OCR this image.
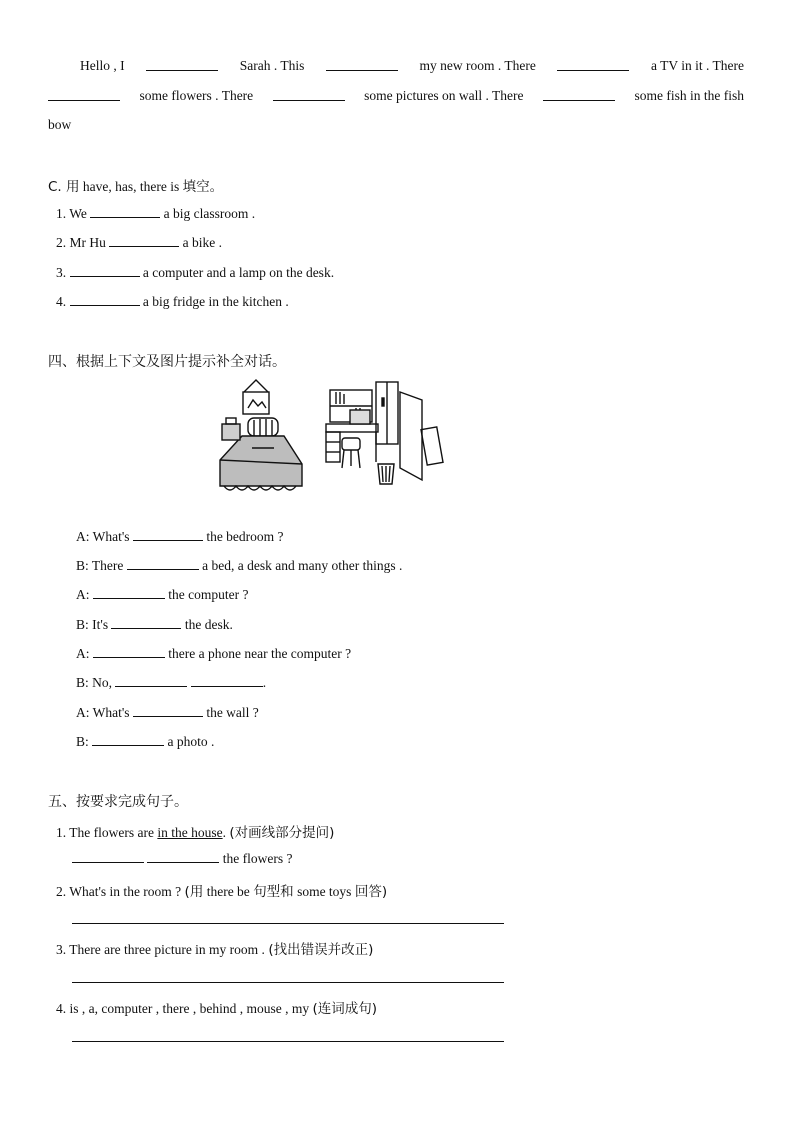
Hello , I	Sarah . This	my new room . There	a TV in it . There
some flowers . There	some pictures on wall . There	some fish in the fish
bow
C. 用 have, has, there is 填空。
1. We	a big classroom .
2. Mr Hu	a bike .
3.	a computer and a lamp on the desk.
4.	a big fridge in the kitchen .
四、根据上下文及图片提示补全对话。
A: What's	the bedroom ?
B: There	a bed, a desk and many other things .
A:	the computer ?
B: It's	the desk.
A:	there a phone near the computer ?
B: No,	.
A: What's	the wall ?
B:	a photo .
五、按要求完成句子。
1. The flowers are in the house. (对画线部分提问)
the flowers ?
2. What's in the room ? (用 there be 句型和 some toys 回答)
3. There are three picture in my room . (找出错误并改正)
4. is , a, computer , there , behind , mouse , my (连词成句)
